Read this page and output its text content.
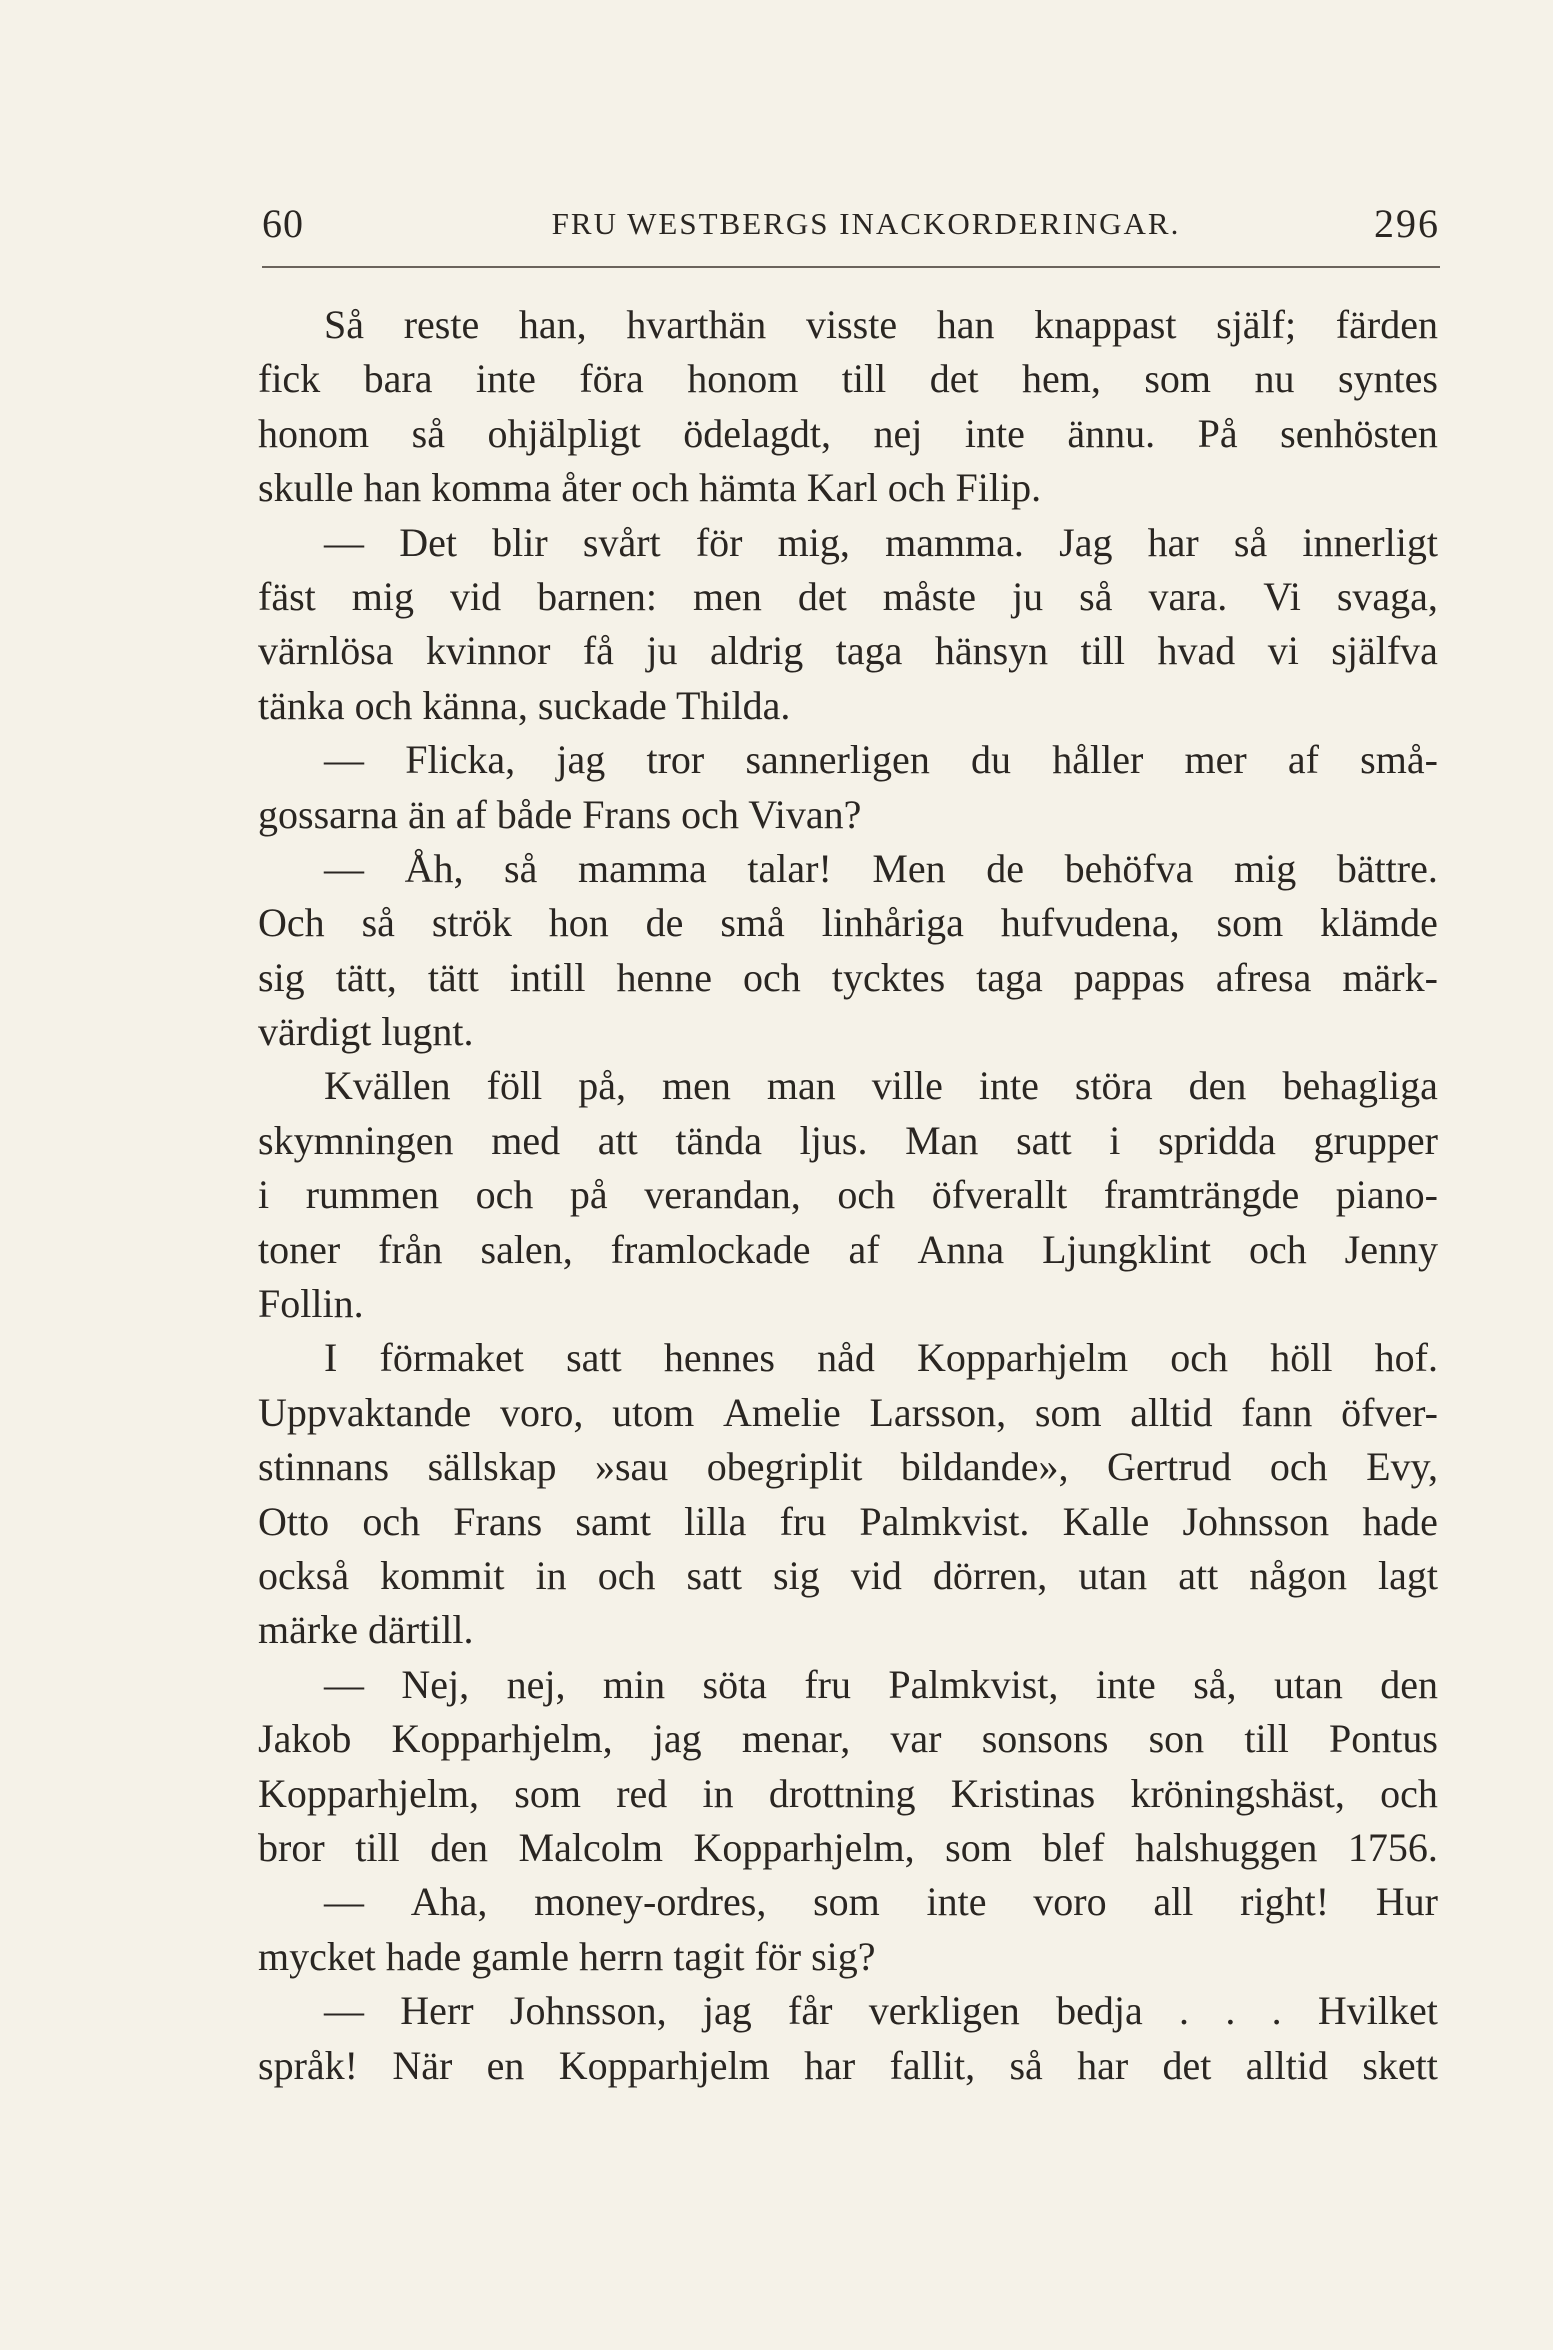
60	FRU WESTBERGS INACKORDERINGAR.	296
Så reste han, hvarthän visste han knappast själf; färden
fick bara inte föra honom till det hem, som nu syntes
honom så ohjälpligt ödelagdt, nej inte ännu. På senhösten
skulle han komma åter och hämta Karl och Filip.
— Det blir svårt för mig, mamma. Jag har så innerligt
fäst mig vid barnen: men det måste ju så vara. Vi svaga,
värnlösa kvinnor få ju aldrig taga hänsyn till hvad vi själfva
tänka och känna, suckade Thilda.
— Flicka, jag tror sannerligen du håller mer af små-
gossarna än af både Frans och Vivan?
— Åh, så mamma talar! Men de behöfva mig bättre.
Och så strök hon de små linhåriga hufvudena, som klämde
sig tätt, tätt intill henne och tycktes taga pappas afresa märk-
värdigt lugnt.
Kvällen föll på, men man ville inte störa den behagliga
skymningen med att tända ljus. Man satt i spridda grupper
i rummen och på verandan, och öfverallt framträngde piano-
toner från salen, framlockade af Anna Ljungklint och Jenny
Follin.
I förmaket satt hennes nåd Kopparhjelm och höll hof.
Uppvaktande voro, utom Amelie Larsson, som alltid fann öfver-
stinnans sällskap »sau obegriplit bildande», Gertrud och Evy,
Otto och Frans samt lilla fru Palmkvist. Kalle Johnsson hade
också kommit in och satt sig vid dörren, utan att någon lagt
märke därtill.
— Nej, nej, min söta fru Palmkvist, inte så, utan den
Jakob Kopparhjelm, jag menar, var sonsons son till Pontus
Kopparhjelm, som red in drottning Kristinas kröningshäst, och
bror till den Malcolm Kopparhjelm, som blef halshuggen 1756.
— Aha, money-ordres, som inte voro all right! Hur
mycket hade gamle herrn tagit för sig?
— Herr Johnsson, jag får verkligen bedja . . . Hvilket
språk! När en Kopparhjelm har fallit, så har det alltid skett
